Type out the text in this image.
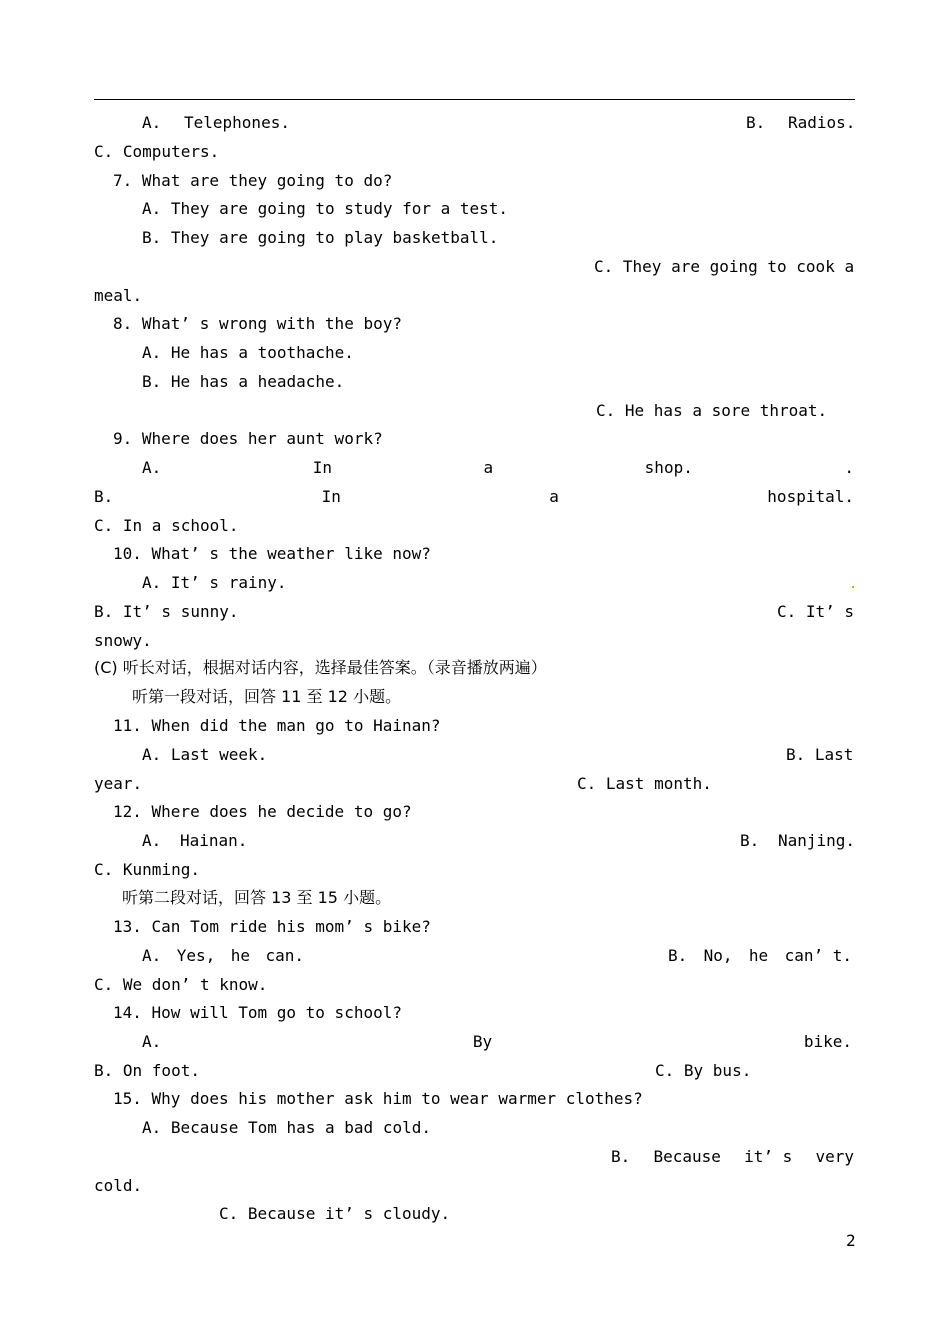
A. Telephones.	B. Radios.
C. Computers.
7. What are they going to do?
A. They are going to study for a test.
B. They are going to play basketball.
C. They are going to cook a
meal.
8. What’ s wrong with the boy?
A. He has a toothache.
B. He has a headache.
C. He has a sore throat.
9. Where does her aunt work?
A.	In	a	shop.	.
B.	In	a	hospital.
C. In a school.
10. What’ s the weather like now?
A. It’ s rainy.
B. It’ s sunny.	C. It’ s
snowy.
(C) 听长对话，根据对话内容，选择最佳答案。（录音播放两遍）
听第一段对话，回答 11 至 12 小题。
11. When did the man go to Hainan?
A. Last week.	B. Last
year.	C. Last month.
12. Where does he decide to go?
A. Hainan.	B. Nanjing.
C. Kunming.
听第二段对话，回答 13 至 15 小题。
13. Can Tom ride his mom’ s bike?
A. Yes, he can.	B. No, he can’ t.
C. We don’ t know.
14. How will Tom go to school?
A.	By	bike.
B. On foot.	C. By bus.
15. Why does his mother ask him to wear warmer clothes?
A. Because Tom has a bad cold.
B. Because it’ s very
cold.
C. Because it’ s cloudy.
2
